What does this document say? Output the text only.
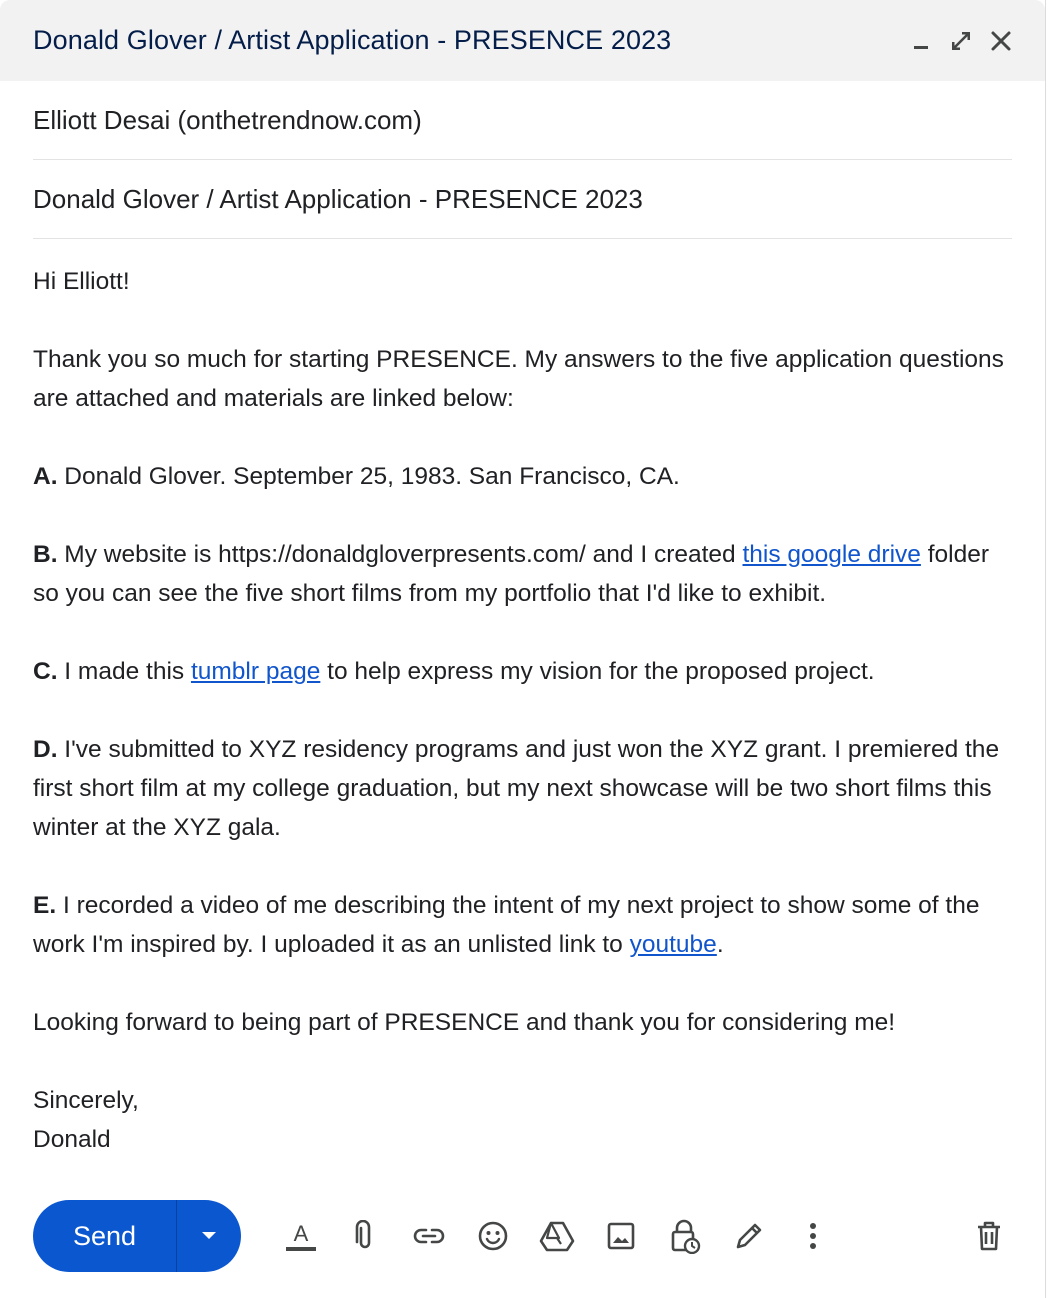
Donald Glover / Artist Application - PRESENCE 2023
Elliott Desai (onthetrendnow.com)
Donald Glover / Artist Application - PRESENCE 2023

Hi Elliott!

Thank you so much for starting PRESENCE. My answers to the five application questions are attached and materials are linked below:

A. Donald Glover. September 25, 1983. San Francisco, CA.

B. My website is https://donaldgloverpresents.com/ and I created this google drive folder so you can see the five short films from my portfolio that I'd like to exhibit.

C. I made this tumblr page to help express my vision for the proposed project.

D. I've submitted to XYZ residency programs and just won the XYZ grant. I premiered the first short film at my college graduation, but my next showcase will be two short films this winter at the XYZ gala.

E. I recorded a video of me describing the intent of my next project to show some of the work I'm inspired by. I uploaded it as an unlisted link to youtube.

Looking forward to being part of PRESENCE and thank you for considering me!

Sincerely,

Donald

Send	A
